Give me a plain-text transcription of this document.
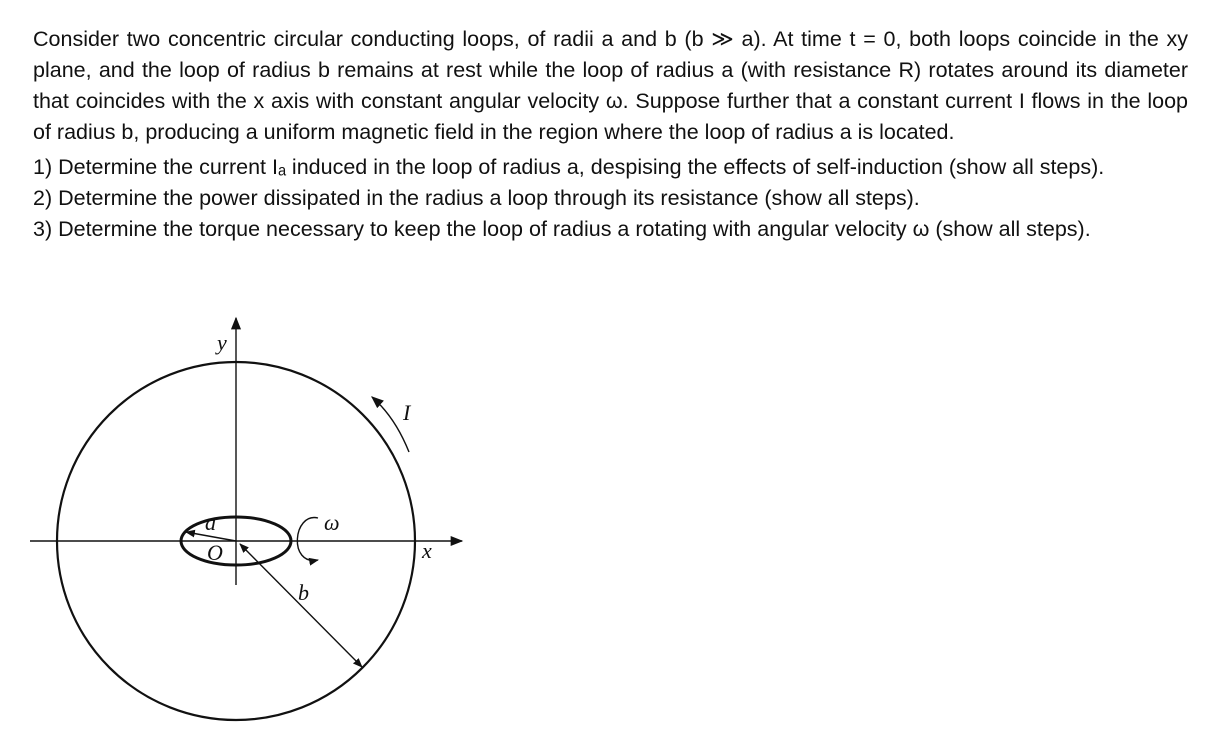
Consider two concentric circular conducting loops, of radii a and b (b ≫ a). At time t = 0, both loops coincide in the xy plane, and the loop of radius b remains at rest while the loop of radius a (with resistance R) rotates around its diameter that coincides with the x axis with constant angular velocity ω. Suppose further that a constant current I flows in the loop of radius b, producing a uniform magnetic field in the region where the loop of radius a is located.

1) Determine the current Iₐ induced in the loop of radius a, despising the effects of self-induction (show all steps).

2) Determine the power dissipated in the radius a loop through its resistance (show all steps).

3) Determine the torque necessary to keep the loop of radius a rotating with angular velocity ω (show all steps).

y
x
I
ω
a
O
b
